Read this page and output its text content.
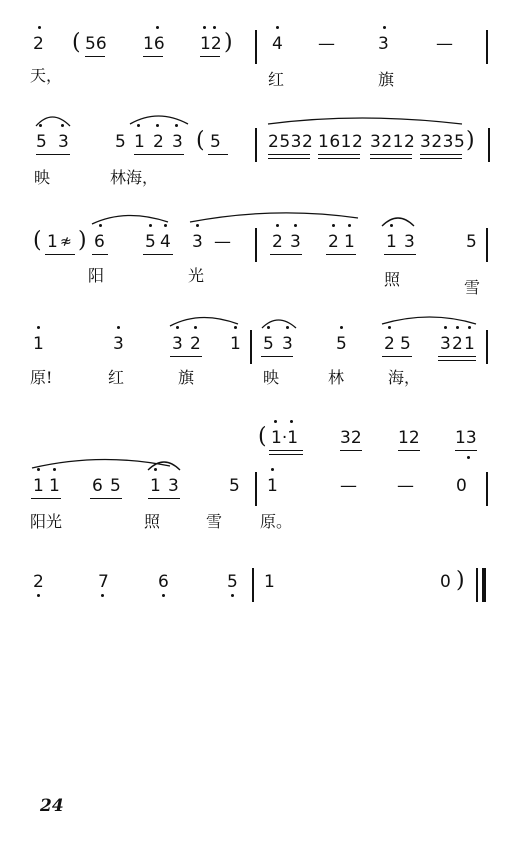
2 ( 56 16 12 ) 4 —	3	—
天，	红	旗
5 3	5 1 2 3 ( 5	2532 1612 3212 3235 )
映	林海，
( 1 ≉ ) 6 5 4 3 — 2 3 2 1 1 3	5
阳	光	照	雪
1	3	3 2 1 5 3	5 2 5 3 2 1
原!	红	旗	映	林	海，
( 1·1 32 12 13
1 1 6 5 1 3	5 1	— — 0
阳光	照	雪 原。
2	7	6	5 1	0 )
24
